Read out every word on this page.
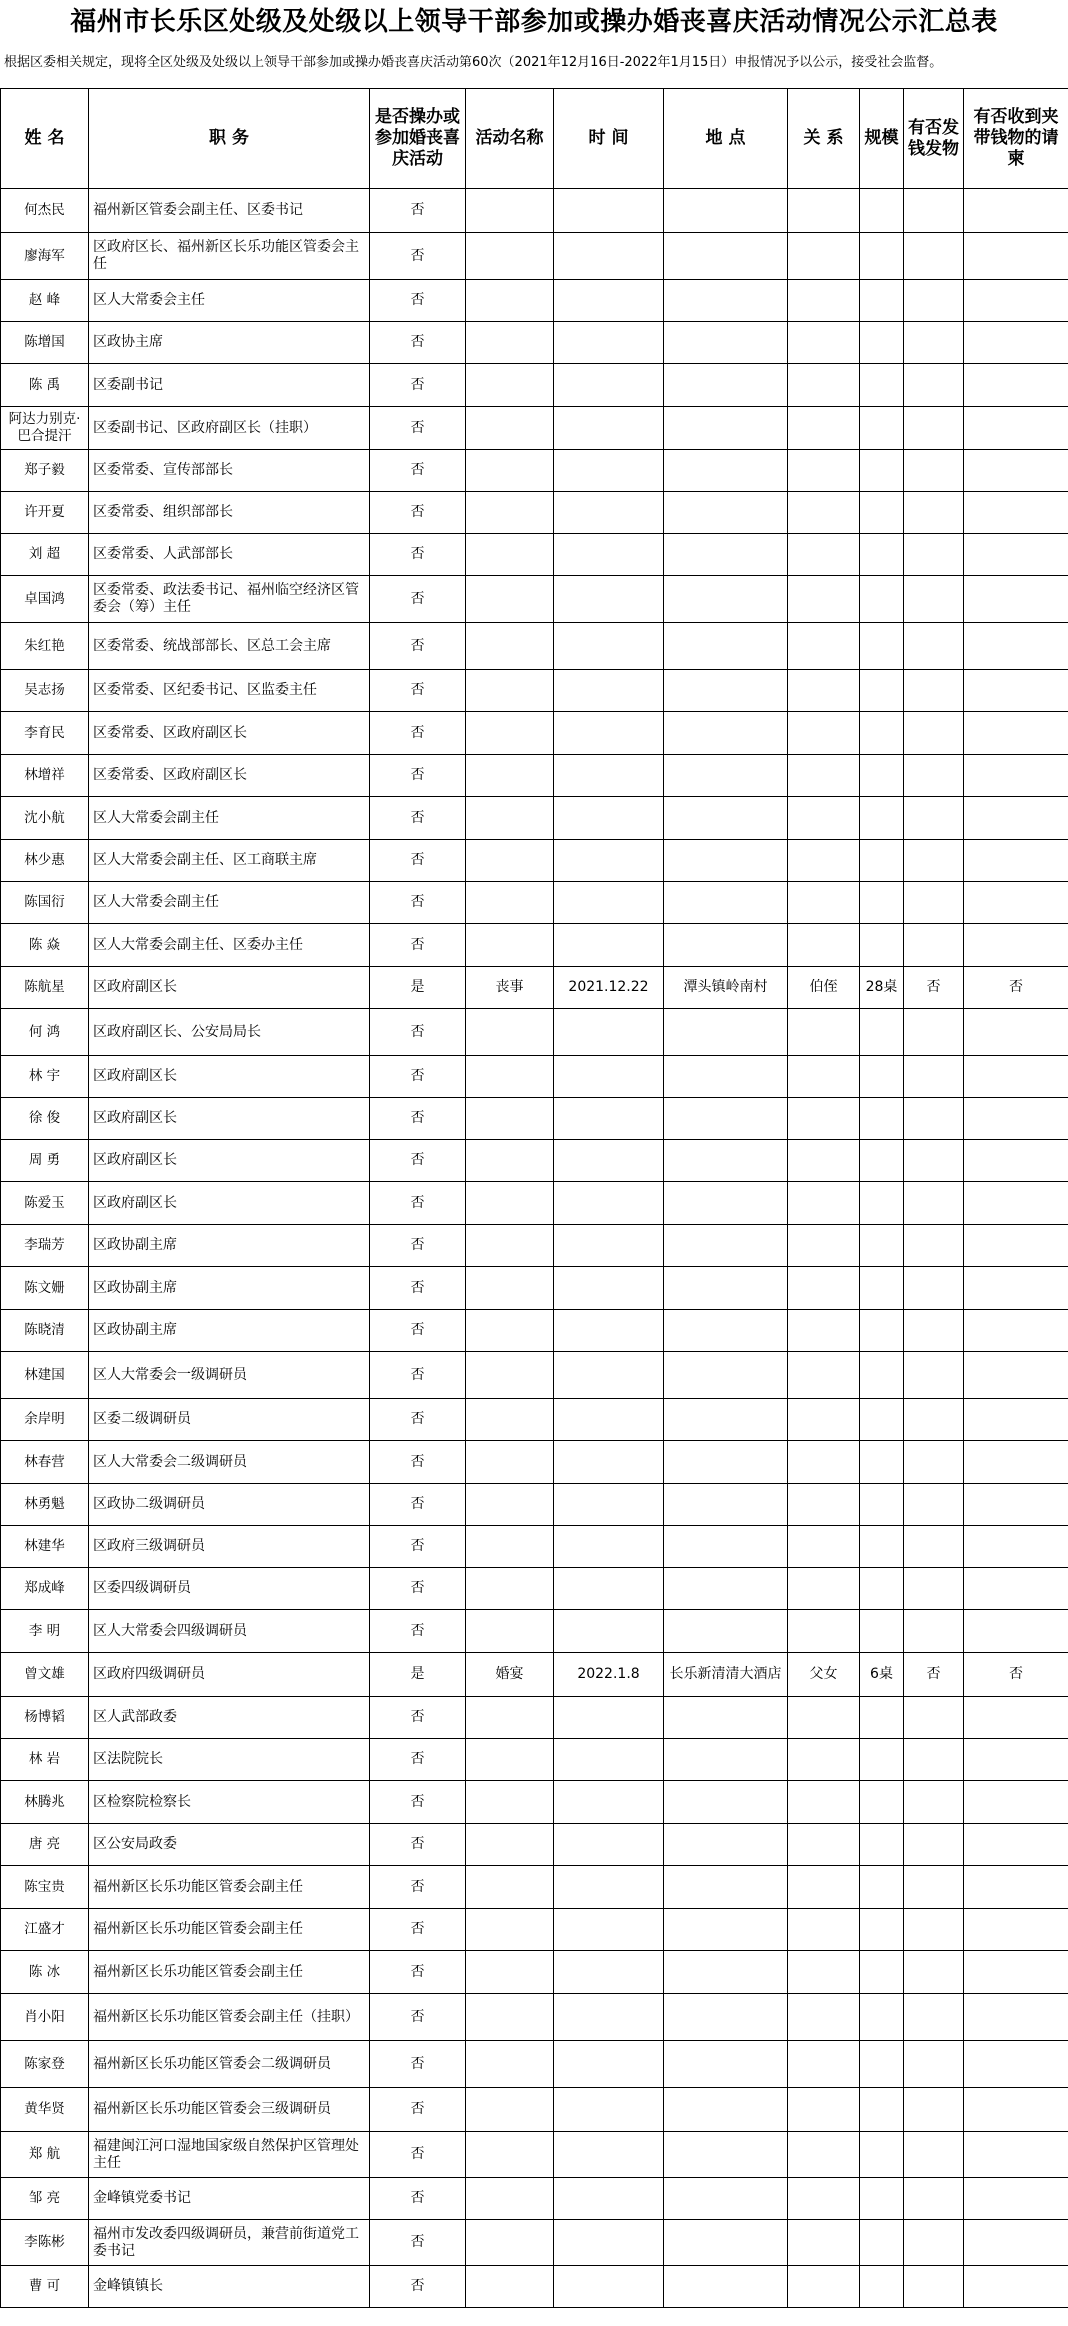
福州市长乐区处级及处级以上领导干部参加或操办婚丧喜庆活动情况公示汇总表
根据区委相关规定，现将全区处级及处级以上领导干部参加或操办婚丧喜庆活动第60次（2021年12月16日-2022年1月15日）申报情况予以公示，接受社会监督。
姓 名	职 务	是否操办或参加婚丧喜庆活动	活动名称	时 间	地 点	关 系	规模	有否发钱发物	有否收到夹带钱物的请柬
何杰民	福州新区管委会副主任、区委书记	否							
廖海军	区政府区长、福州新区长乐功能区管委会主任	否							
赵 峰	区人大常委会主任	否							
陈增国	区政协主席	否							
陈 禹	区委副书记	否							
阿达力别克·巴合提汗	区委副书记、区政府副区长（挂职）	否							
郑子毅	区委常委、宣传部部长	否							
许开夏	区委常委、组织部部长	否							
刘 超	区委常委、人武部部长	否							
卓国鸿	区委常委、政法委书记、福州临空经济区管委会（筹）主任	否							
朱红艳	区委常委、统战部部长、区总工会主席	否							
吴志扬	区委常委、区纪委书记、区监委主任	否							
李育民	区委常委、区政府副区长	否							
林增祥	区委常委、区政府副区长	否							
沈小航	区人大常委会副主任	否							
林少惠	区人大常委会副主任、区工商联主席	否							
陈国衍	区人大常委会副主任	否							
陈 焱	区人大常委会副主任、区委办主任	否							
陈航星	区政府副区长	是	丧事	2021.12.22	潭头镇岭南村	伯侄	28桌	否	否
何 鸿	区政府副区长、公安局局长	否							
林 宇	区政府副区长	否							
徐 俊	区政府副区长	否							
周 勇	区政府副区长	否							
陈爱玉	区政府副区长	否							
李瑞芳	区政协副主席	否							
陈文姗	区政协副主席	否							
陈晓清	区政协副主席	否							
林建国	区人大常委会一级调研员	否							
余岸明	区委二级调研员	否							
林春营	区人大常委会二级调研员	否							
林勇魁	区政协二级调研员	否							
林建华	区政府三级调研员	否							
郑成峰	区委四级调研员	否							
李 明	区人大常委会四级调研员	否							
曾文雄	区政府四级调研员	是	婚宴	2022.1.8	长乐新清清大酒店	父女	6桌	否	否
杨博韬	区人武部政委	否							
林 岩	区法院院长	否							
林腾兆	区检察院检察长	否							
唐 亮	区公安局政委	否							
陈宝贵	福州新区长乐功能区管委会副主任	否							
江盛才	福州新区长乐功能区管委会副主任	否							
陈 冰	福州新区长乐功能区管委会副主任	否							
肖小阳	福州新区长乐功能区管委会副主任（挂职）	否							
陈家登	福州新区长乐功能区管委会二级调研员	否							
黄华贤	福州新区长乐功能区管委会三级调研员	否							
郑 航	福建闽江河口湿地国家级自然保护区管理处主任	否							
邹 亮	金峰镇党委书记	否							
李陈彬	福州市发改委四级调研员，兼营前街道党工委书记	否							
曹 可	金峰镇镇长	否							
